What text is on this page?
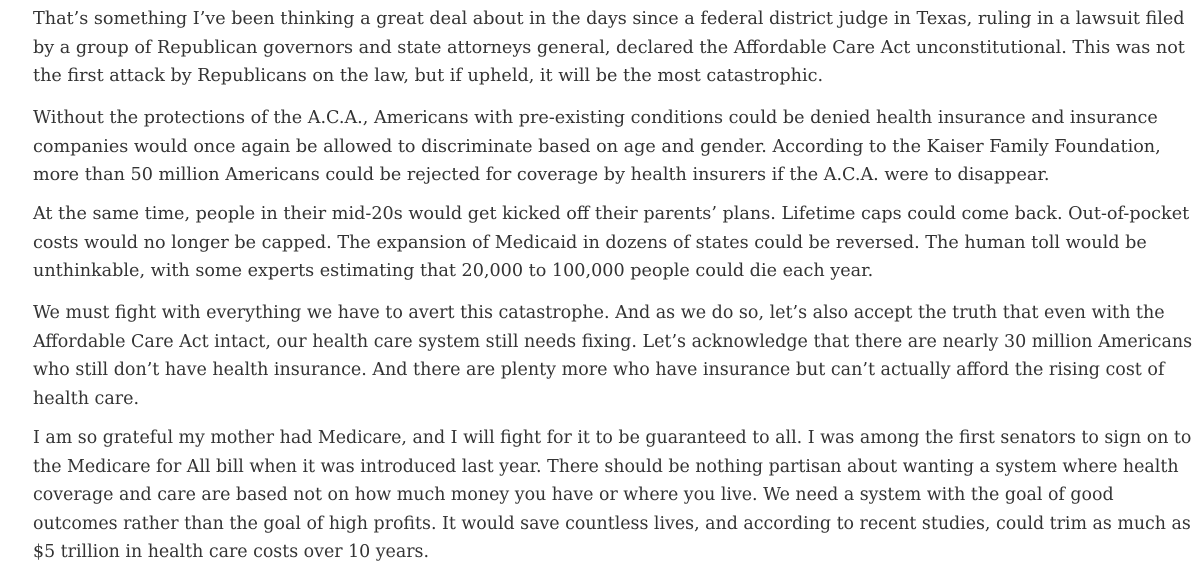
That’s something I’ve been thinking a great deal about in the days since a federal district judge in Texas, ruling in a lawsuit filed
by a group of Republican governors and state attorneys general, declared the Affordable Care Act unconstitutional. This was not
the first attack by Republicans on the law, but if upheld, it will be the most catastrophic.

Without the protections of the A.C.A., Americans with pre-existing conditions could be denied health insurance and insurance
companies would once again be allowed to discriminate based on age and gender. According to the Kaiser Family Foundation,
more than 50 million Americans could be rejected for coverage by health insurers if the A.C.A. were to disappear.

At the same time, people in their mid-20s would get kicked off their parents’ plans. Lifetime caps could come back. Out-of-pocket
costs would no longer be capped. The expansion of Medicaid in dozens of states could be reversed. The human toll would be
unthinkable, with some experts estimating that 20,000 to 100,000 people could die each year.

We must fight with everything we have to avert this catastrophe. And as we do so, let’s also accept the truth that even with the
Affordable Care Act intact, our health care system still needs fixing. Let’s acknowledge that there are nearly 30 million Americans
who still don’t have health insurance. And there are plenty more who have insurance but can’t actually afford the rising cost of
health care.

I am so grateful my mother had Medicare, and I will fight for it to be guaranteed to all. I was among the first senators to sign on to
the Medicare for All bill when it was introduced last year. There should be nothing partisan about wanting a system where health
coverage and care are based not on how much money you have or where you live. We need a system with the goal of good
outcomes rather than the goal of high profits. It would save countless lives, and according to recent studies, could trim as much as
$5 trillion in health care costs over 10 years.
